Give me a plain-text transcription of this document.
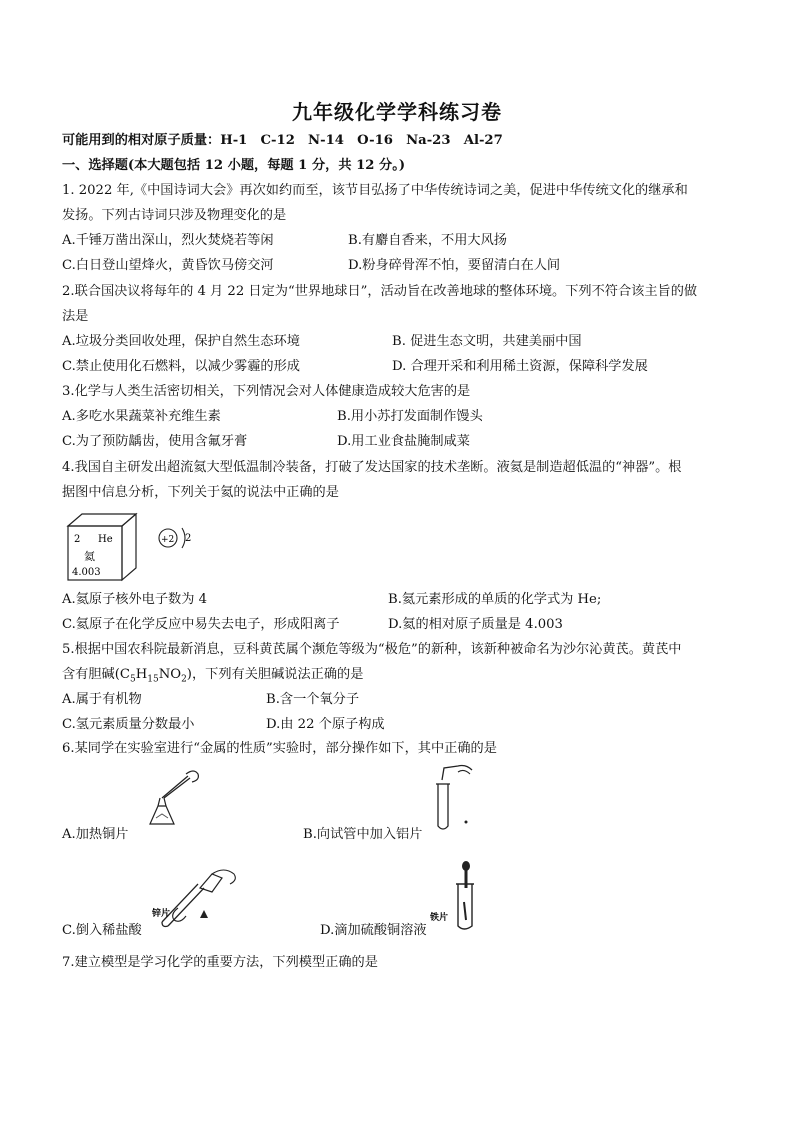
九年级化学学科练习卷
可能用到的相对原子质量：H-1　C-12　N-14　O-16　Na-23　Al-27
一、选择题(本大题包括 12 小题，每题 1 分，共 12 分。)
1. 2022 年,《中国诗词大会》再次如约而至，该节目弘扬了中华传统诗词之美，促进中华传统文化的继承和
发扬。下列古诗词只涉及物理变化的是
A.千锤万凿出深山，烈火焚烧若等闲	B.有麝自香来，不用大风扬
C.白日登山望烽火，黄昏饮马傍交河	D.粉身碎骨浑不怕，要留清白在人间
2.联合国决议将每年的 4 月 22 日定为“世界地球日”，活动旨在改善地球的整体环境。下列不符合该主旨的做
法是
A.垃圾分类回收处理，保护自然生态环境	B. 促进生态文明，共建美丽中国
C.禁止使用化石燃料，以减少雾霾的形成	D. 合理开采和利用稀土资源，保障科学发展
3.化学与人类生活密切相关，下列情况会对人体健康造成较大危害的是
A.多吃水果蔬菜补充维生素	B.用小苏打发面制作馒头
C.为了预防龋齿，使用含氟牙膏	D.用工业食盐腌制咸菜
4.我国自主研发出超流氦大型低温制冷装备，打破了发达国家的技术垄断。液氦是制造超低温的“神器”。根
据图中信息分析，下列关于氦的说法中正确的是
2 He
氦
4.003
+2 2
A.氦原子核外电子数为 4	B.氦元素形成的单质的化学式为 He;
C.氦原子在化学反应中易失去电子，形成阳离子	D.氦的相对原子质量是 4.003
5.根据中国农科院最新消息，豆科黄芪属个濒危等级为“极危”的新种，该新种被命名为沙尔沁黄芪。黄芪中
含有胆碱$(C_5H_{15}NO_2)$，下列有关胆碱说法正确的是
A.属于有机物	B.含一个氧分子
C.氢元素质量分数最小	D.由 22 个原子构成
6.某同学在实验室进行“金属的性质”实验时，部分操作如下，其中正确的是
A.加热铜片	B.向试管中加入铝片
锌片
C.倒入稀盐酸
铁片
D.滴加硫酸铜溶液
7.建立模型是学习化学的重要方法，下列模型正确的是
